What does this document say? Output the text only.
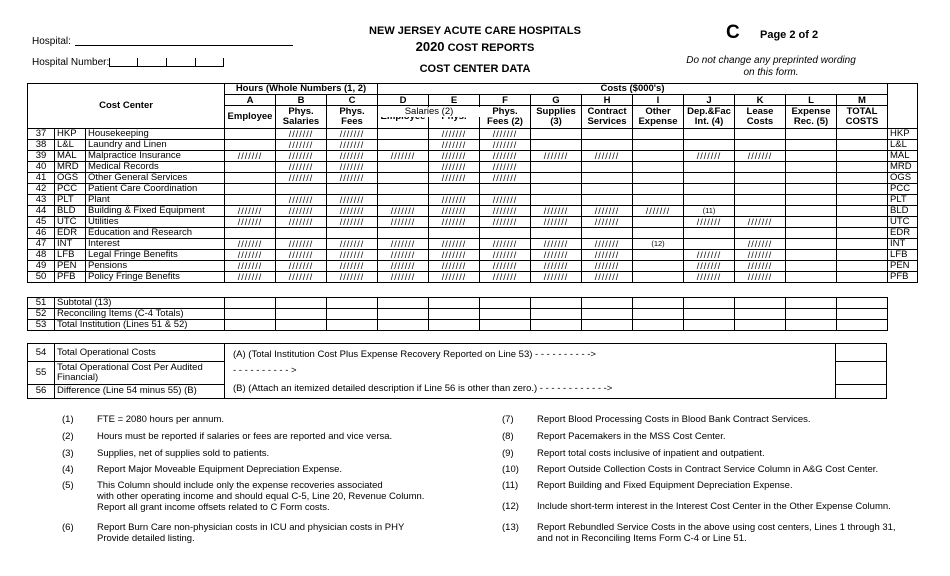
NEW JERSEY ACUTE CARE HOSPITALS
2020 COST REPORTS
COST CENTER DATA
C Page 2 of 2
Do not change any preprinted wording on this form.
Hospital:
Hospital Number:
Cost Center			Hours (Whole Numbers (1, 2)			Costs ($000's)										
			A	B	C	D	E	F	G	H	I	J	K	L	M	
			Employee	Phys. Salaries	Phys. Fees			Phys. Fees (2)	Supplies (3)	Contract Services	Other Expense	Dep.&Fac Int. (4)	Lease Costs	Expense Rec. (5)	TOTAL COSTS	
37	HKP	Housekeeping		///////	///////		///////	///////								HKP
38	L&L	Laundry and Linen		///////	///////		///////	///////								L&L
39	MAL	Malpractice Insurance	///////	///////	///////	///////	///////	///////	///////	///////		///////	///////			MAL
40	MRD	Medical Records		///////	///////		///////	///////								MRD
41	OGS	Other General Services		///////	///////		///////	///////								OGS
42	PCC	Patient Care Coordination														PCC
43	PLT	Plant		///////	///////		///////	///////								PLT
44	BLD	Building & Fixed Equipment	///////	///////	///////	///////	///////	///////	///////	///////	///////	(11)				BLD
45	UTC	Utilities	///////	///////	///////	///////	///////	///////	///////	///////		///////	///////			UTC
46	EDR	Education and Research														EDR
47	INT	Interest	///////	///////	///////	///////	///////	///////	///////	///////	(12)		///////			INT
48	LFB	Legal Fringe Benefits	///////	///////	///////	///////	///////	///////	///////	///////		///////	///////			LFB
49	PEN	Pensions	///////	///////	///////	///////	///////	///////	///////	///////		///////	///////			PEN
50	PFB	Policy Fringe Benefits	///////	///////	///////	///////	///////	///////	///////	///////		///////	///////			PFB
51	Subtotal (13)													
52	Reconciling Items (C-4 Totals)													
53	Total Institution (Lines 51 & 52)													
54	Total Operational Costs	(A) (Total Institution Cost Plus Expense Recovery Reported on Line 53) - - - - - - - - - ->
- - - - - - - - - - >
(B) (Attach an itemized detailed description if Line 56 is other than zero.) - - - - - - - - - - - ->	

55	Total Operational Cost Per Audited Financial)		
56	Difference (Line 54 minus 55) (B)		
(1) FTE = 2080 hours per annum.
(2) Hours must be reported if salaries or fees are reported and vice versa.
(3) Supplies, net of supplies sold to patients.
(4) Report Major Moveable Equipment Depreciation Expense.
(5) This Column should include only the expense recoveries associated
with other operating income and should equal C-5, Line 20, Revenue Column.
Report all grant income offsets related to C Form costs.
(6) Report Burn Care non-physician costs in ICU and physician costs in PHY
Provide detailed listing.
(7) Report Blood Processing Costs in Blood Bank Contract Services.
(8) Report Pacemakers in the MSS Cost Center.
(9) Report total costs inclusive of inpatient and outpatient.
(10) Report Outside Collection Costs in Contract Service Column in A&G Cost Center.
(11) Report Building and Fixed Equipment Depreciation Expense.
(12) Include short-term interest in the Interest Cost Center in the Other Expense Column.
(13) Report Rebundled Service Costs in the above using cost centers, Lines 1 through 31,
and not in Reconciling Items Form C-4 or Line 51.
Salaries (2)
